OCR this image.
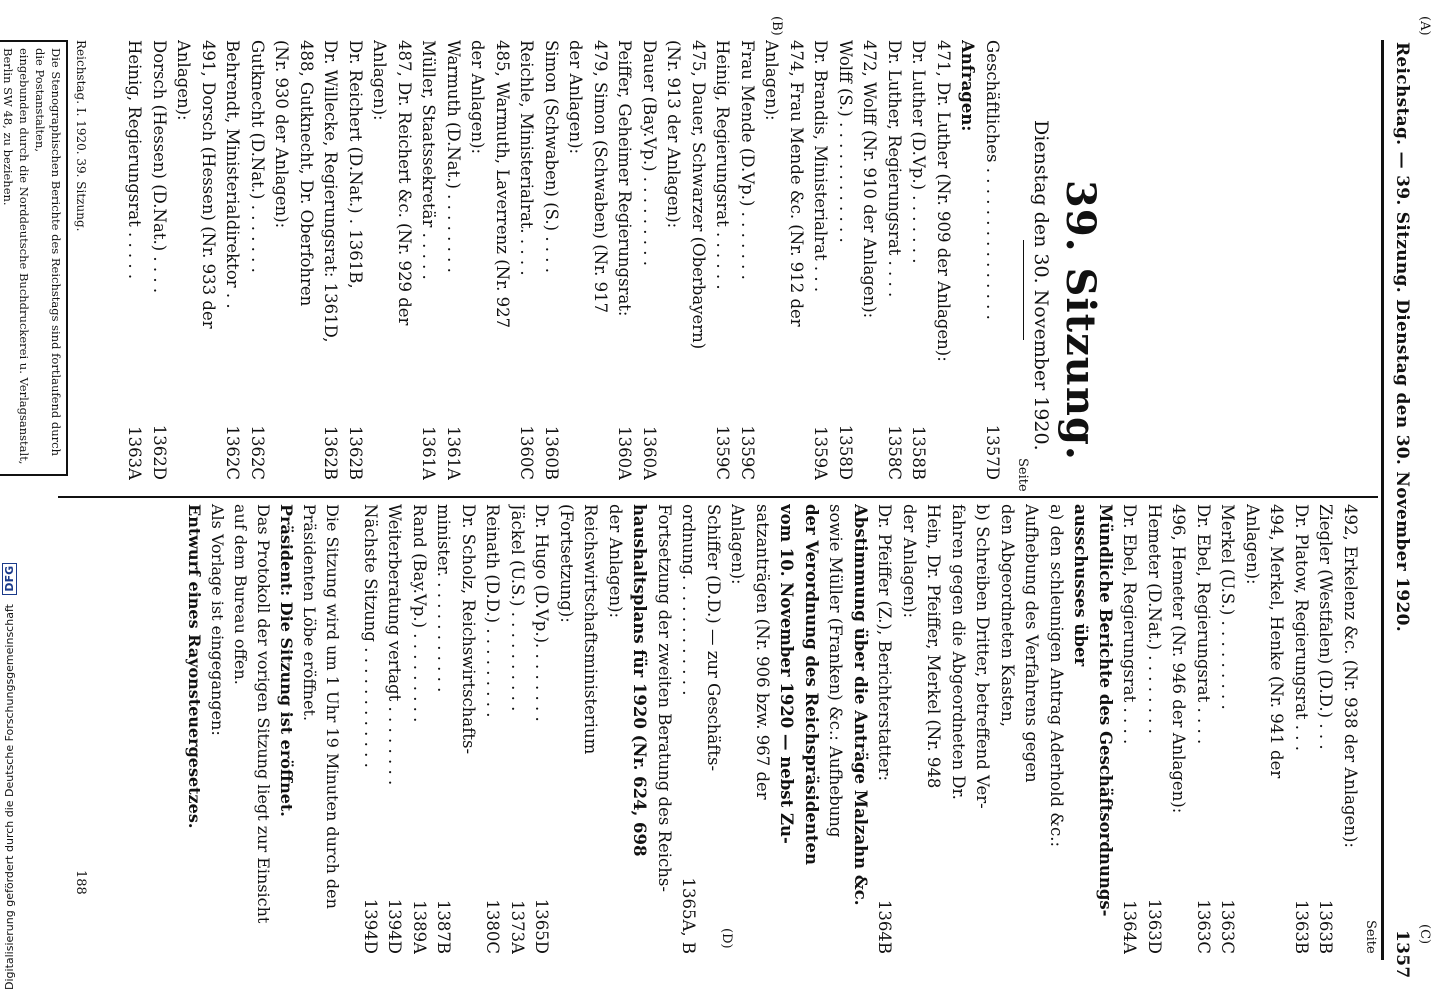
Reichstag. — 39. Sitzung. Dienstag den 30. November 1920.
1357
(A)
(B)
(C)
(D)
39. Sitzung.
Dienstag den 30. November 1920.
Seite
Geschäftliches . . . . . . . . . . . . . . .
1357D
Anfragen:
471, Dr. Luther (Nr. 909 der Anlagen):
Dr. Luther (D.Vp.) . . . . . . .
1358B
Dr. Luther, Regierungsrat . . . .
1358C
472, Wolff (Nr. 910 der Anlagen):
Wolff (S.) . . . . . . . . . . . .
1358D
Dr. Brandis, Ministerialrat . . .
1359A
474, Frau Mende &c. (Nr. 912 der
Anlagen):
Frau Mende (D.Vp.) . . . . . . .
1359C
Heinig, Regierungsrat . . . . . .
1359C
475, Dauer, Schwarzer (Oberbayern)
(Nr. 913 der Anlagen):
Dauer (Bay.Vp.) . . . . . . . . .
1360A
Peiffer, Geheimer Regierungsrat:
1360A
479, Simon (Schwaben) (Nr. 917
der Anlagen):
Simon (Schwaben) (S.) . . . .
1360B
Reichle, Ministerialrat. . . . .
1360C
485, Warmuth, Laverrenz (Nr. 927
der Anlagen):
Warmuth (D.Nat.) . . . . . . . .
1361A
Müller, Staatssekretär . . . . .
1361A
487, Dr. Reichert &c. (Nr. 929 der
Anlagen):
Dr. Reichert (D.Nat.) . 1361B,
1362B
Dr. Willecke, Regierungsrat: 1361D,
1362B
488, Gutknecht, Dr. Oberfohren
(Nr. 930 der Anlagen):
Gutknecht (D.Nat.) . . . . . . .
1362C
Behrendt, Ministerialdirektor . .
1362C
491, Dorsch (Hessen) (Nr. 933 der
Anlagen):
Dorsch (Hessen) (D.Nat.) . . . .
1362D
Heinig, Regierungsrat . . . . .
1363A
Seite
492, Erkelenz &c. (Nr. 938 der Anlagen):
Ziegler (Westfalen) (D.D.) . . .
1363B
Dr. Platow, Regierungsrat . . .
1363B
494, Merkel, Henke (Nr. 941 der
Anlagen):
Merkel (U.S.) . . . . . . . . .
1363C
Dr. Ebel, Regierungsrat . . . .
1363C
496, Hemeter (Nr. 946 der Anlagen):
Hemeter (D.Nat.) . . . . . . . .
1363D
Dr. Ebel, Regierungsrat . . . .
1364A
Mündliche Berichte des Geschäftsordnungs-
ausschusses über
a) den schleunigen Antrag Aderhold &c.:
Aufhebung des Verfahrens gegen
den Abgeordneten Kasten,
b) Schreiben Dritter, betreffend Ver-
fahren gegen die Abgeordneten Dr.
Hein, Dr. Pfeiffer, Merkel (Nr. 948
der Anlagen):
Dr. Pfeiffer (Z.), Berichterstatter:
1364B
Abstimmung über die Anträge Malzahn &c.
sowie Müller (Franken) &c.: Aufhebung
der Verordnung des Reichspräsidenten
vom 10. November 1920 — nebst Zu-
satzanträgen (Nr. 906 bzw. 967 der
Anlagen):
Schiffer (D.D.) — zur Geschäfts-
ordnung. . . . . . . . . . . .
1365A, B
Fortsetzung der zweiten Beratung des Reichs-
haushaltsplans für 1920 (Nr. 624, 698
der Anlagen):
Reichswirtschaftsministerium
(Fortsetzung):
Dr. Hugo (D.Vp.). . . . . . . .
1365D
Jäckel (U.S.) . . . . . . . . . .
1373A
Reinath (D.D.) . . . . . . . . .
1380C
Dr. Scholz, Reichswirtschafts-
minister. . . . . . . . . . . .
1387B
Rand (Bay.Vp.) . . . . . . . . .
1389A
Weiterberatung vertagt . . . . . . . .
1394D
Nächste Sitzung . . . . . . . . . . . .
1394D
Die Sitzung wird um 1 Uhr 19 Minuten durch den
Präsidenten Löbe eröffnet.
Präsident: Die Sitzung ist eröffnet.
Das Protokoll der vorigen Sitzung liegt zur Einsicht
auf dem Bureau offen.
Als Vorlage ist eingegangen:
Entwurf eines Rayonsteuergesetzes.
Die Stenographischen Berichte des Reichstags sind fortlaufend durch die Postanstalten,
eingebunden durch die Norddeutsche Buchdruckerei u. Verlagsanstalt, Berlin SW 48, zu beziehen.	Reichstag. I. 1920. 39. Sitzung.
188
Digitalisierung gefördert durch die Deutsche Forschungsgemeinschaft DFG
